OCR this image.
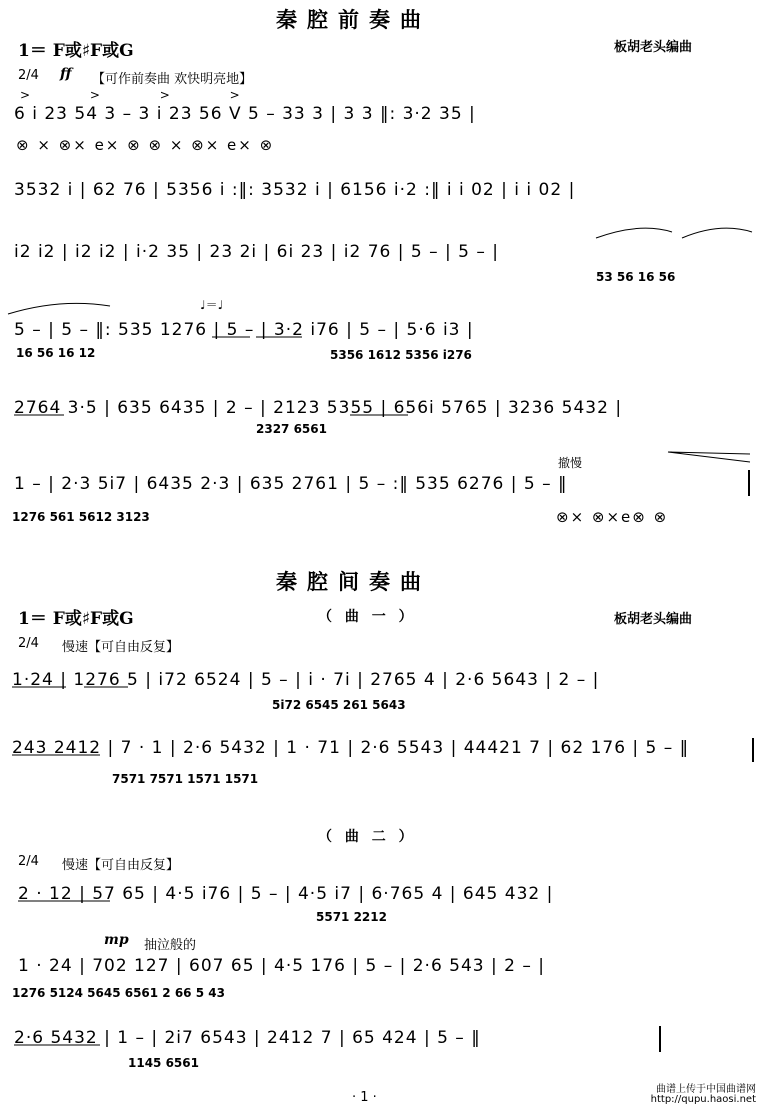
秦腔前奏曲
1＝ F或♯F或G	板胡老头编曲
2/4 ff 【可作前奏曲 欢快明亮地】
> > > >
6 i 23 54 3 – 3 i 23 56 V 5 – 33 3 | 3 3 ‖: 3·2 35 |
⊗ × ⊗× e× ⊗ ⊗ × ⊗× e× ⊗
3532 i | 62 76 | 5356 i :‖: 3532 i | 6156 i·2 :‖ i i 02 | i i 02 |
i2 i2 | i2 i2 | i·2 35 | 23 2i | 6i 23 | i2 76 | 5 – | 5 – |
53 56 16 56
♩＝♩
5 – | 5 – ‖: 535 1276 | 5 – | 3·2 i76 | 5 – | 5·6 i3 |
16 56 16 12	5356 1612 5356 i276
2764 3·5 | 635 6435 | 2 – | 2123 5355 | 656i 5765 | 3236 5432 |
2327 6561
撤慢
1 – | 2·3 5i7 | 6435 2·3 | 635 2761 | 5 – :‖ 535 6276 | 5 – ‖
1276 561 5612 3123	⊗× ⊗×e⊗ ⊗
秦腔间奏曲
1＝ F或♯F或G	（ 曲 一 ）	板胡老头编曲
2/4 慢速【可自由反复】
1·24 | 1276 5 | i72 6524 | 5 – | i · 7i | 2765 4 | 2·6 5643 | 2 – |
5i72 6545 261 5643
243 2412 | 7 · 1 | 2·6 5432 | 1 · 71 | 2·6 5543 | 44421 7 | 62 176 | 5 – ‖
7571 7571 1571 1571
（ 曲 二 ）
2/4 慢速【可自由反复】
2 · 12 | 57 65 | 4·5 i76 | 5 – | 4·5 i7 | 6·765 4 | 645 432 |
5571 2212
mp 抽泣般的
1 · 24 | 702 127 | 607 65 | 4·5 176 | 5 – | 2·6 543 | 2 – |
1276 5124 5645 6561 2 66 5 43
2·6 5432 | 1 – | 2i7 6543 | 2412 7 | 65 424 | 5 – ‖
1145 6561
· 1 ·
曲谱上传于中国曲谱网
http://qupu.haosi.net
